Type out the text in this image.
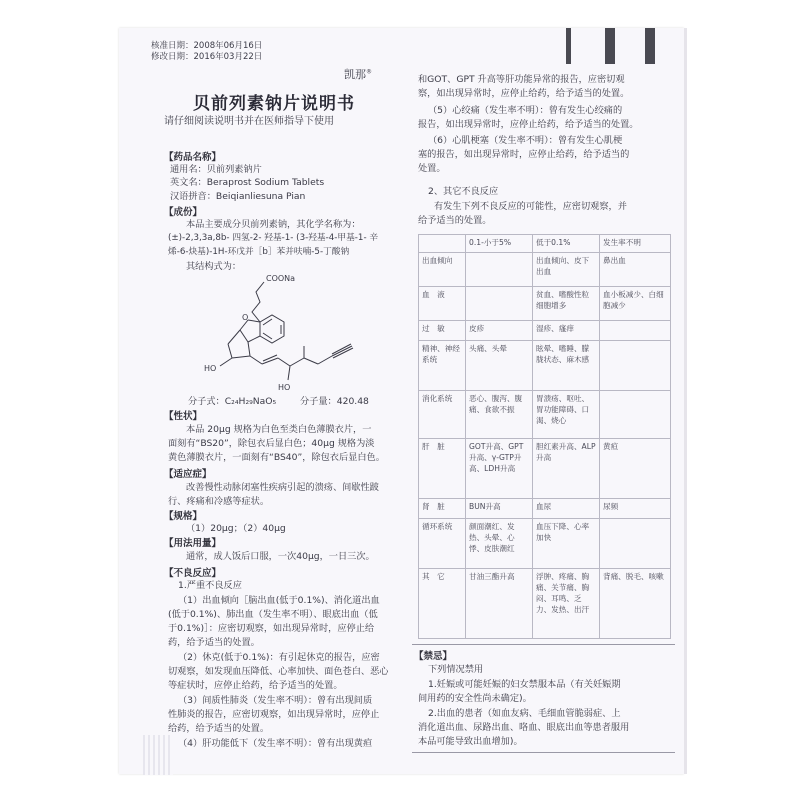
核准日期：2008年06月16日
修改日期：2016年03月22日
凯那®
贝前列素钠片说明书
请仔细阅读说明书并在医师指导下使用
【药品名称】
通用名：贝前列素钠片
英文名：Beraprost Sodium Tablets
汉语拼音：Beiqianliesuna Pian
【成份】
本品主要成分贝前列素钠，其化学名称为：
(±)-2,3,3a,8b- 四氢-2- 羟基-1- (3-羟基-4-甲基-1- 辛
烯-6-炔基)-1H-环戊并［b］苯并呋喃-5-丁酸钠
其结构式为：
O
COONa
HO
HO
分子式：C₂₄H₂₉NaO₅	分子量：420.48
【性状】
本品 20μg 规格为白色至类白色薄膜衣片，一
面刻有“BS20”，除包衣后显白色；40μg 规格为淡
黄色薄膜衣片，一面刻有“BS40”，除包衣后显白色。
【适应症】
改善慢性动脉闭塞性疾病引起的溃疡、间歇性跛
行、疼痛和冷感等症状。
【规格】
（1）20μg；（2）40μg
【用法用量】
通常，成人饭后口服，一次40μg，一日三次。
【不良反应】
1.严重不良反应
（1）出血倾向［脑出血(低于0.1%)、消化道出血
(低于0.1%)、肺出血（发生率不明）、眼底出血（低
于0.1%)］：应密切观察，如出现异常时，应停止给
药，给予适当的处置。
（2）休克(低于0.1%)：有引起休克的报告，应密
切观察，如发现血压降低、心率加快、面色苍白、恶心
等症状时，应停止给药，给予适当的处置。
（3）间质性肺炎（发生率不明）：曾有出现间质
性肺炎的报告，应密切观察，如出现异常时，应停止
给药，给予适当的处置。
（4）肝功能低下（发生率不明）：曾有出现黄疸
和GOT、GPT 升高等肝功能异常的报告，应密切观
察，如出现异常时，应停止给药，给予适当的处置。
（5）心绞痛（发生率不明）：曾有发生心绞痛的
报告，如出现异常时，应停止给药，给予适当的处置。
（6）心肌梗塞（发生率不明）：曾有发生心肌梗
塞的报告，如出现异常时，应停止给药，给予适当的
处置。
2、其它不良反应
有发生下列不良反应的可能性，应密切观察，并
给予适当的处置。
	0.1-小于5%	低于0.1%	发生率不明
出血倾向		出血倾向、皮下出血	鼻出血
血　液		贫血、嗜酸性粒细胞增多	血小板减少、白细胞减少
过　敏	皮疹	湿疹、瘙痒	
精神、神经系统	头痛、头晕	眩晕、嗜睡、朦胧状态、麻木感	
消化系统	恶心、腹泻、腹痛、食欲不振	胃溃疡、呕吐、胃功能障碍、口渴、烧心	
肝　脏	GOT升高、GPT升高、γ-GTP升高、LDH升高	胆红素升高、ALP升高	黄疸
肾　脏	BUN升高	血尿	尿频
循环系统	颜面潮红、发热、头晕、心悸、皮肤潮红	血压下降、心率加快	
其　它	甘油三酯升高	浮肿、疼痛、胸痛、关节痛、胸闷、耳鸣、乏力、发热、出汗	背痛、脱毛、咳嗽
【禁忌】
下列情况禁用
1.妊娠或可能妊娠的妇女禁服本品（有关妊娠期
间用药的安全性尚未确定)。
2.出血的患者（如血友病、毛细血管脆弱症、上
消化道出血、尿路出血、咯血、眼底出血等患者服用
本品可能导致出血增加)。
